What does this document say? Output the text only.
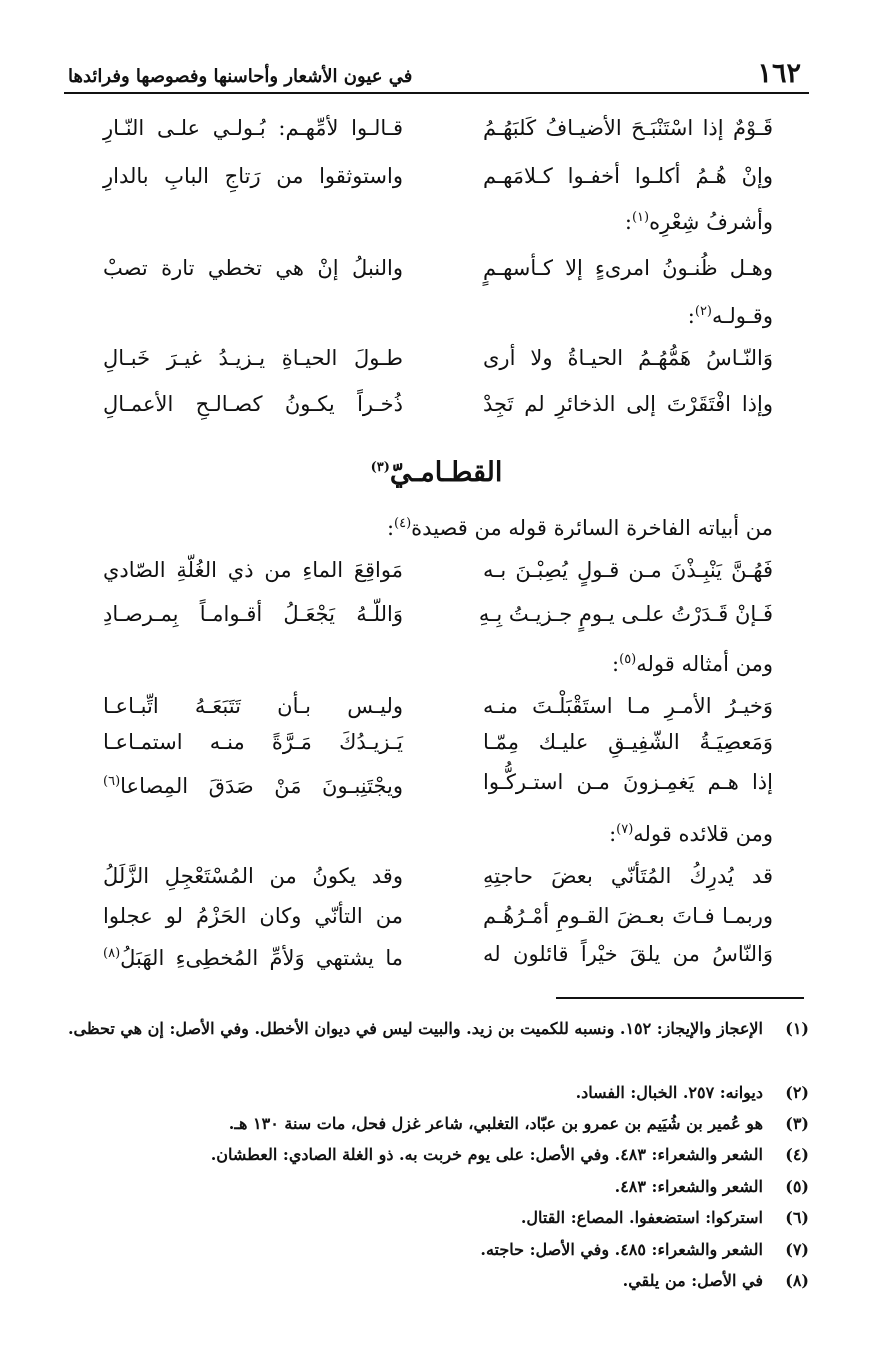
١٦٢
في عيون الأشعار وأحاسنها وفصوصها وفرائدها
قَـوْمٌ إذا اسْتَنْبَـحَ الأضيـافُ كَلبَهُـمُ
قـالـوا لأمِّهـم: بُـولـي علـى النّـارِ
وإنْ هُـمُ أكلـوا أخفـوا كـلامَهـم
واستوثقوا من رَتاجِ البابِ بالدارِ
وأشرفُ شِعْرِه$^{(١)}$:
وهـل ظُنـونُ امرىءٍ إلا كـأسهـمٍ
والنبلُ إنْ هي تخطي تارة تصبْ
وقـولـه$^{(٢)}$:
وَالنّـاسُ هَمُّهُـمُ الحيـاةُ ولا أرى
طـولَ الحيـاةِ يـزيـدُ غيـرَ خَبـالِ
وإذا افْتَقَرْتَ إلى الذخائرِ لم تَجِدْ
ذُخـراً يكـونُ كصـالـحِ الأعمـالِ
القطـامـيّ$^{(٣)}$
من أبياته الفاخرة السائرة قوله من قصيدة$^{(٤)}$:
فَهُـنَّ يَنْبِـذْنَ مـن قـولٍ يُصِبْـنَ بـه
مَواقِعَ الماءِ من ذي الغُلّةِ الصّادي
فَـإنْ قَـدَرْتُ علـى يـومٍ جـزيـتُ بِـهِ
وَاللّـهُ يَجْعَـلُ أقـوامـاً بِمـرصـادِ
ومن أمثاله قوله$^{(٥)}$:
وَخيـرُ الأمـرِ مـا استَقْبَلْـتَ منـه
وليـس بـأن تَتَبَعَـهُ اتِّبـاعـا
وَمَعصِيَـةُ الشّفِيـقِ عليـك مِمّـا
يَـزيـدُكَ مَـرَّةً منـه استمـاعـا
إذا هـم يَغمِـزونَ مـن استـركُّـوا
ويجْتَنِبـونَ مَنْ صَدَقَ المِصاعا$^{(٦)}$
ومن قلائده قوله$^{(٧)}$:
قد يُدرِكُ المُتَأنّي بعضَ حاجتِهِ
وقد يكونُ من المُسْتَعْجِلِ الزَّلَلُ
وربمـا فـاتَ بعـضَ القـومِ أمْـرُهُـم
من التأنّي وكان الحَزْمُ لو عجلوا
وَالنّاسُ من يلقَ خيْراً قائلون له
ما يشتهي وَلأمِّ المُخطِىءِ الهَبَلُ$^{(٨)}$
(١)
الإعجاز والإيجاز: ١٥٢. ونسبه للكميت بن زيد. والبيت ليس في ديوان الأخطل. وفي الأصل: إن هي تحظى.
(٢)
ديوانه: ٢٥٧. الخبال: الفساد.
(٣)
هو عُمير بن شُيَيم بن عمرو بن عبّاد، التغلبي، شاعر غزل فحل، مات سنة ١٣٠ هـ.
(٤)
الشعر والشعراء: ٤٨٣. وفي الأصل: على يوم خربت به. ذو الغلة الصادي: العطشان.
(٥)
الشعر والشعراء: ٤٨٣.
(٦)
استركوا: استضعفوا. المصاع: القتال.
(٧)
الشعر والشعراء: ٤٨٥. وفي الأصل: حاجته.
(٨)
في الأصل: من يلقي.
